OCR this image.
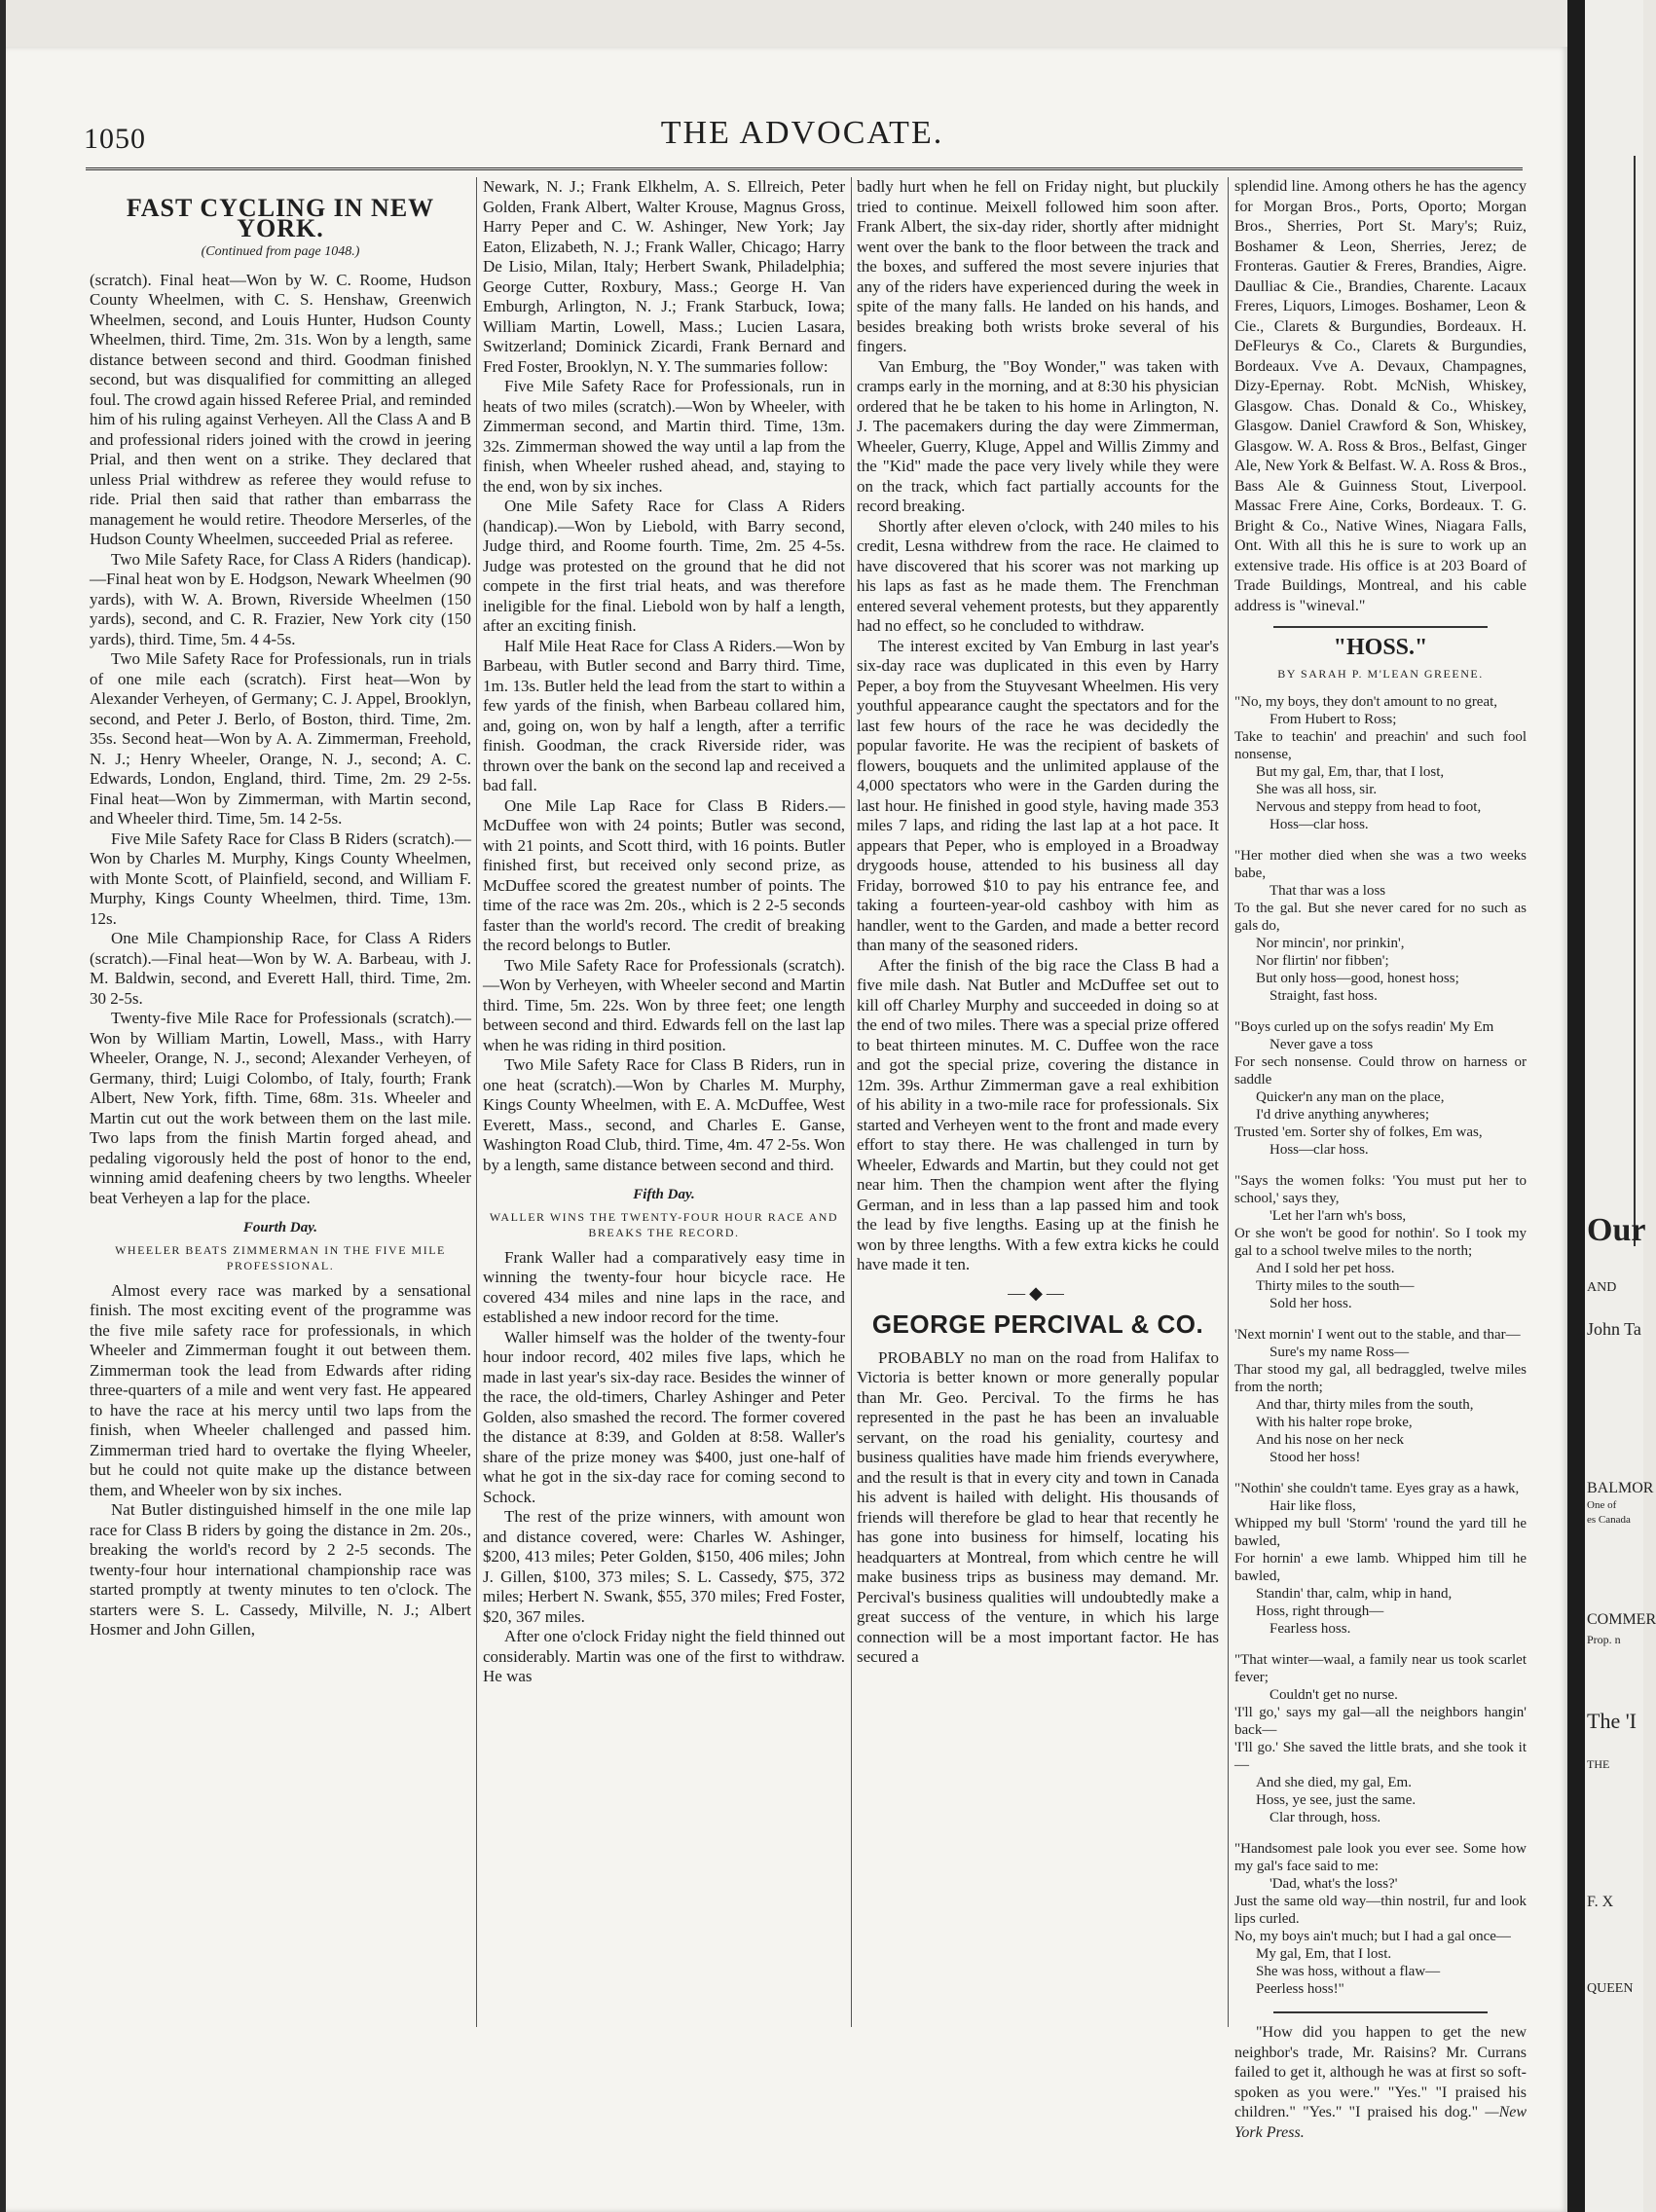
1050	THE ADVOCATE.
FAST CYCLING IN NEW YORK.
(Continued from page 1048.)

(scratch). Final heat—Won by W. C. Roome, Hudson County Wheelmen, with C. S. Henshaw, Greenwich Wheelmen, second, and Louis Hunter, Hudson County Wheelmen, third. Time, 2m. 31s. Won by a length, same distance between second and third. Goodman finished second, but was disqualified for committing an alleged foul. The crowd again hissed Referee Prial, and reminded him of his ruling against Verheyen. All the Class A and B and professional riders joined with the crowd in jeering Prial, and then went on a strike. They declared that unless Prial withdrew as referee they would refuse to ride. Prial then said that rather than embarrass the management he would retire. Theodore Merserles, of the Hudson County Wheelmen, succeeded Prial as referee.

Two Mile Safety Race, for Class A Riders (handicap).—Final heat won by E. Hodgson, Newark Wheelmen (90 yards), with W. A. Brown, Riverside Wheelmen (150 yards), second, and C. R. Frazier, New York city (150 yards), third. Time, 5m. 4 4-5s.

Two Mile Safety Race for Professionals, run in trials of one mile each (scratch). First heat—Won by Alexander Verheyen, of Germany; C. J. Appel, Brooklyn, second, and Peter J. Berlo, of Boston, third. Time, 2m. 35s. Second heat—Won by A. A. Zimmerman, Freehold, N. J.; Henry Wheeler, Orange, N. J., second; A. C. Edwards, London, England, third. Time, 2m. 29 2-5s. Final heat—Won by Zimmerman, with Martin second, and Wheeler third. Time, 5m. 14 2-5s.

Five Mile Safety Race for Class B Riders (scratch).—Won by Charles M. Murphy, Kings County Wheelmen, with Monte Scott, of Plainfield, second, and William F. Murphy, Kings County Wheelmen, third. Time, 13m. 12s.

One Mile Championship Race, for Class A Riders (scratch).—Final heat—Won by W. A. Barbeau, with J. M. Baldwin, second, and Everett Hall, third. Time, 2m. 30 2-5s.

Twenty-five Mile Race for Professionals (scratch).—Won by William Martin, Lowell, Mass., with Harry Wheeler, Orange, N. J., second; Alexander Verheyen, of Germany, third; Luigi Colombo, of Italy, fourth; Frank Albert, New York, fifth. Time, 68m. 31s. Wheeler and Martin cut out the work between them on the last mile. Two laps from the finish Martin forged ahead, and pedaling vigorously held the post of honor to the end, winning amid deafening cheers by two lengths. Wheeler beat Verheyen a lap for the place.

Fourth Day.
WHEELER BEATS ZIMMERMAN IN THE FIVE MILE PROFESSIONAL.

Almost every race was marked by a sensational finish. The most exciting event of the programme was the five mile safety race for professionals, in which Wheeler and Zimmerman fought it out between them. Zimmerman took the lead from Edwards after riding three-quarters of a mile and went very fast. He appeared to have the race at his mercy until two laps from the finish, when Wheeler challenged and passed him. Zimmerman tried hard to overtake the flying Wheeler, but he could not quite make up the distance between them, and Wheeler won by six inches.

Nat Butler distinguished himself in the one mile lap race for Class B riders by going the distance in 2m. 20s., breaking the world's record by 2 2-5 seconds. The twenty-four hour international championship race was started promptly at twenty minutes to ten o'clock. The starters were S. L. Cassedy, Milville, N. J.; Albert Hosmer and John Gillen,

Newark, N. J.; Frank Elkhelm, A. S. Ellreich, Peter Golden, Frank Albert, Walter Krouse, Magnus Gross, Harry Peper and C. W. Ashinger, New York; Jay Eaton, Elizabeth, N. J.; Frank Waller, Chicago; Harry De Lisio, Milan, Italy; Herbert Swank, Philadelphia; George Cutter, Roxbury, Mass.; George H. Van Emburgh, Arlington, N. J.; Frank Starbuck, Iowa; William Martin, Lowell, Mass.; Lucien Lasara, Switzerland; Dominick Zicardi, Frank Bernard and Fred Foster, Brooklyn, N. Y. The summaries follow:

Five Mile Safety Race for Professionals, run in heats of two miles (scratch).—Won by Wheeler, with Zimmerman second, and Martin third. Time, 13m. 32s. Zimmerman showed the way until a lap from the finish, when Wheeler rushed ahead, and, staying to the end, won by six inches.

One Mile Safety Race for Class A Riders (handicap).—Won by Liebold, with Barry second, Judge third, and Roome fourth. Time, 2m. 25 4-5s. Judge was protested on the ground that he did not compete in the first trial heats, and was therefore ineligible for the final. Liebold won by half a length, after an exciting finish.

Half Mile Heat Race for Class A Riders.—Won by Barbeau, with Butler second and Barry third. Time, 1m. 13s. Butler held the lead from the start to within a few yards of the finish, when Barbeau collared him, and, going on, won by half a length, after a terrific finish. Goodman, the crack Riverside rider, was thrown over the bank on the second lap and received a bad fall.

One Mile Lap Race for Class B Riders.—McDuffee won with 24 points; Butler was second, with 21 points, and Scott third, with 16 points. Butler finished first, but received only second prize, as McDuffee scored the greatest number of points. The time of the race was 2m. 20s., which is 2 2-5 seconds faster than the world's record. The credit of breaking the record belongs to Butler.

Two Mile Safety Race for Professionals (scratch).—Won by Verheyen, with Wheeler second and Martin third. Time, 5m. 22s. Won by three feet; one length between second and third. Edwards fell on the last lap when he was riding in third position.

Two Mile Safety Race for Class B Riders, run in one heat (scratch).—Won by Charles M. Murphy, Kings County Wheelmen, with E. A. McDuffee, West Everett, Mass., second, and Charles E. Ganse, Washington Road Club, third. Time, 4m. 47 2-5s. Won by a length, same distance between second and third.

Fifth Day.
WALLER WINS THE TWENTY-FOUR HOUR RACE AND BREAKS THE RECORD.

Frank Waller had a comparatively easy time in winning the twenty-four hour bicycle race. He covered 434 miles and nine laps in the race, and established a new indoor record for the time.

Waller himself was the holder of the twenty-four hour indoor record, 402 miles five laps, which he made in last year's six-day race. Besides the winner of the race, the old-timers, Charley Ashinger and Peter Golden, also smashed the record. The former covered the distance at 8:39, and Golden at 8:58. Waller's share of the prize money was $400, just one-half of what he got in the six-day race for coming second to Schock.

The rest of the prize winners, with amount won and distance covered, were: Charles W. Ashinger, $200, 413 miles; Peter Golden, $150, 406 miles; John J. Gillen, $100, 373 miles; S. L. Cassedy, $75, 372 miles; Herbert N. Swank, $55, 370 miles; Fred Foster, $20, 367 miles.

After one o'clock Friday night the field thinned out considerably. Martin was one of the first to withdraw. He was

badly hurt when he fell on Friday night, but pluckily tried to continue. Meixell followed him soon after. Frank Albert, the six-day rider, shortly after midnight went over the bank to the floor between the track and the boxes, and suffered the most severe injuries that any of the riders have experienced during the week in spite of the many falls. He landed on his hands, and besides breaking both wrists broke several of his fingers.

Van Emburg, the "Boy Wonder," was taken with cramps early in the morning, and at 8:30 his physician ordered that he be taken to his home in Arlington, N. J. The pacemakers during the day were Zimmerman, Wheeler, Guerry, Kluge, Appel and Willis Zimmy and the "Kid" made the pace very lively while they were on the track, which fact partially accounts for the record breaking.

Shortly after eleven o'clock, with 240 miles to his credit, Lesna withdrew from the race. He claimed to have discovered that his scorer was not marking up his laps as fast as he made them. The Frenchman entered several vehement protests, but they apparently had no effect, so he concluded to withdraw.

The interest excited by Van Emburg in last year's six-day race was duplicated in this even by Harry Peper, a boy from the Stuyvesant Wheelmen. His very youthful appearance caught the spectators and for the last few hours of the race he was decidedly the popular favorite. He was the recipient of baskets of flowers, bouquets and the unlimited applause of the 4,000 spectators who were in the Garden during the last hour. He finished in good style, having made 353 miles 7 laps, and riding the last lap at a hot pace. It appears that Peper, who is employed in a Broadway drygoods house, attended to his business all day Friday, borrowed $10 to pay his entrance fee, and taking a fourteen-year-old cashboy with him as handler, went to the Garden, and made a better record than many of the seasoned riders.

After the finish of the big race the Class B had a five mile dash. Nat Butler and McDuffee set out to kill off Charley Murphy and succeeded in doing so at the end of two miles. There was a special prize offered to beat thirteen minutes. M. C. Duffee won the race and got the special prize, covering the distance in 12m. 39s. Arthur Zimmerman gave a real exhibition of his ability in a two-mile race for professionals. Six started and Verheyen went to the front and made every effort to stay there. He was challenged in turn by Wheeler, Edwards and Martin, but they could not get near him. Then the champion went after the flying German, and in less than a lap passed him and took the lead by five lengths. Easing up at the finish he won by three lengths. With a few extra kicks he could have made it ten.

—◆—
GEORGE PERCIVAL & CO.

PROBABLY no man on the road from Halifax to Victoria is better known or more generally popular than Mr. Geo. Percival. To the firms he has represented in the past he has been an invaluable servant, on the road his geniality, courtesy and business qualities have made him friends everywhere, and the result is that in every city and town in Canada his advent is hailed with delight. His thousands of friends will therefore be glad to hear that recently he has gone into business for himself, locating his headquarters at Montreal, from which centre he will make business trips as business may demand. Mr. Percival's business qualities will undoubtedly make a great success of the venture, in which his large connection will be a most important factor. He has secured a

splendid line. Among others he has the agency for Morgan Bros., Ports, Oporto; Morgan Bros., Sherries, Port St. Mary's; Ruiz, Boshamer & Leon, Sherries, Jerez; de Fronteras. Gautier & Freres, Brandies, Aigre. Daulliac & Cie., Brandies, Charente. Lacaux Freres, Liquors, Limoges. Boshamer, Leon & Cie., Clarets & Burgundies, Bordeaux. H. DeFleurys & Co., Clarets & Burgundies, Bordeaux. Vve A. Devaux, Champagnes, Dizy-Epernay. Robt. McNish, Whiskey, Glasgow. Chas. Donald & Co., Whiskey, Glasgow. Daniel Crawford & Son, Whiskey, Glasgow. W. A. Ross & Bros., Belfast, Ginger Ale, New York & Belfast. W. A. Ross & Bros., Bass Ale & Guinness Stout, Liverpool. Massac Frere Aine, Corks, Bordeaux. T. G. Bright & Co., Native Wines, Niagara Falls, Ont. With all this he is sure to work up an extensive trade. His office is at 203 Board of Trade Buildings, Montreal, and his cable address is "wineval."

"HOSS."
BY SARAH P. M'LEAN GREENE.
"No, my boys, they don't amount to no great,
From Hubert to Ross;
Take to teachin' and preachin' and such fool nonsense,
But my gal, Em, thar, that I lost,
She was all hoss, sir.
Nervous and steppy from head to foot,
Hoss—clar hoss.
"Her mother died when she was a two weeks babe,
That thar was a loss
To the gal. But she never cared for no such as gals do,
Nor mincin', nor prinkin',
Nor flirtin' nor fibben';
But only hoss—good, honest hoss;
Straight, fast hoss.
"Boys curled up on the sofys readin' My Em
Never gave a toss
For sech nonsense. Could throw on harness or saddle
Quicker'n any man on the place,
I'd drive anything anywheres;
Trusted 'em. Sorter shy of folkes, Em was,
Hoss—clar hoss.
"Says the women folks: 'You must put her to school,' says they,
'Let her l'arn wh's boss,
Or she won't be good for nothin'. So I took my gal to a school twelve miles to the north;
And I sold her pet hoss.
Thirty miles to the south—
Sold her hoss.
'Next mornin' I went out to the stable, and thar—
Sure's my name Ross—
Thar stood my gal, all bedraggled, twelve miles from the north;
And thar, thirty miles from the south,
With his halter rope broke,
And his nose on her neck
Stood her hoss!
"Nothin' she couldn't tame. Eyes gray as a hawk,
Hair like floss,
Whipped my bull 'Storm' 'round the yard till he bawled,
For hornin' a ewe lamb. Whipped him till he bawled,
Standin' thar, calm, whip in hand,
Hoss, right through—
Fearless hoss.
"That winter—waal, a family near us took scarlet fever;
Couldn't get no nurse.
'I'll go,' says my gal—all the neighbors hangin' back—
'I'll go.' She saved the little brats, and she took it—
And she died, my gal, Em.
Hoss, ye see, just the same.
Clar through, hoss.
"Handsomest pale look you ever see. Some how my gal's face said to me:
'Dad, what's the loss?'
Just the same old way—thin nostril, fur and look lips curled.
No, my boys ain't much; but I had a gal once—
My gal, Em, that I lost.
She was hoss, without a flaw—
Peerless hoss!"

"How did you happen to get the new neighbor's trade, Mr. Raisins? Mr. Currans failed to get it, although he was at first so soft-spoken as you were." "Yes." "I praised his children." "Yes." "I praised his dog." —New York Press.

Our
AND
John Ta
BALMOR
One of
es Canada
COMMER
Prop. n
The 'I
THE
F. X
QUEEN
